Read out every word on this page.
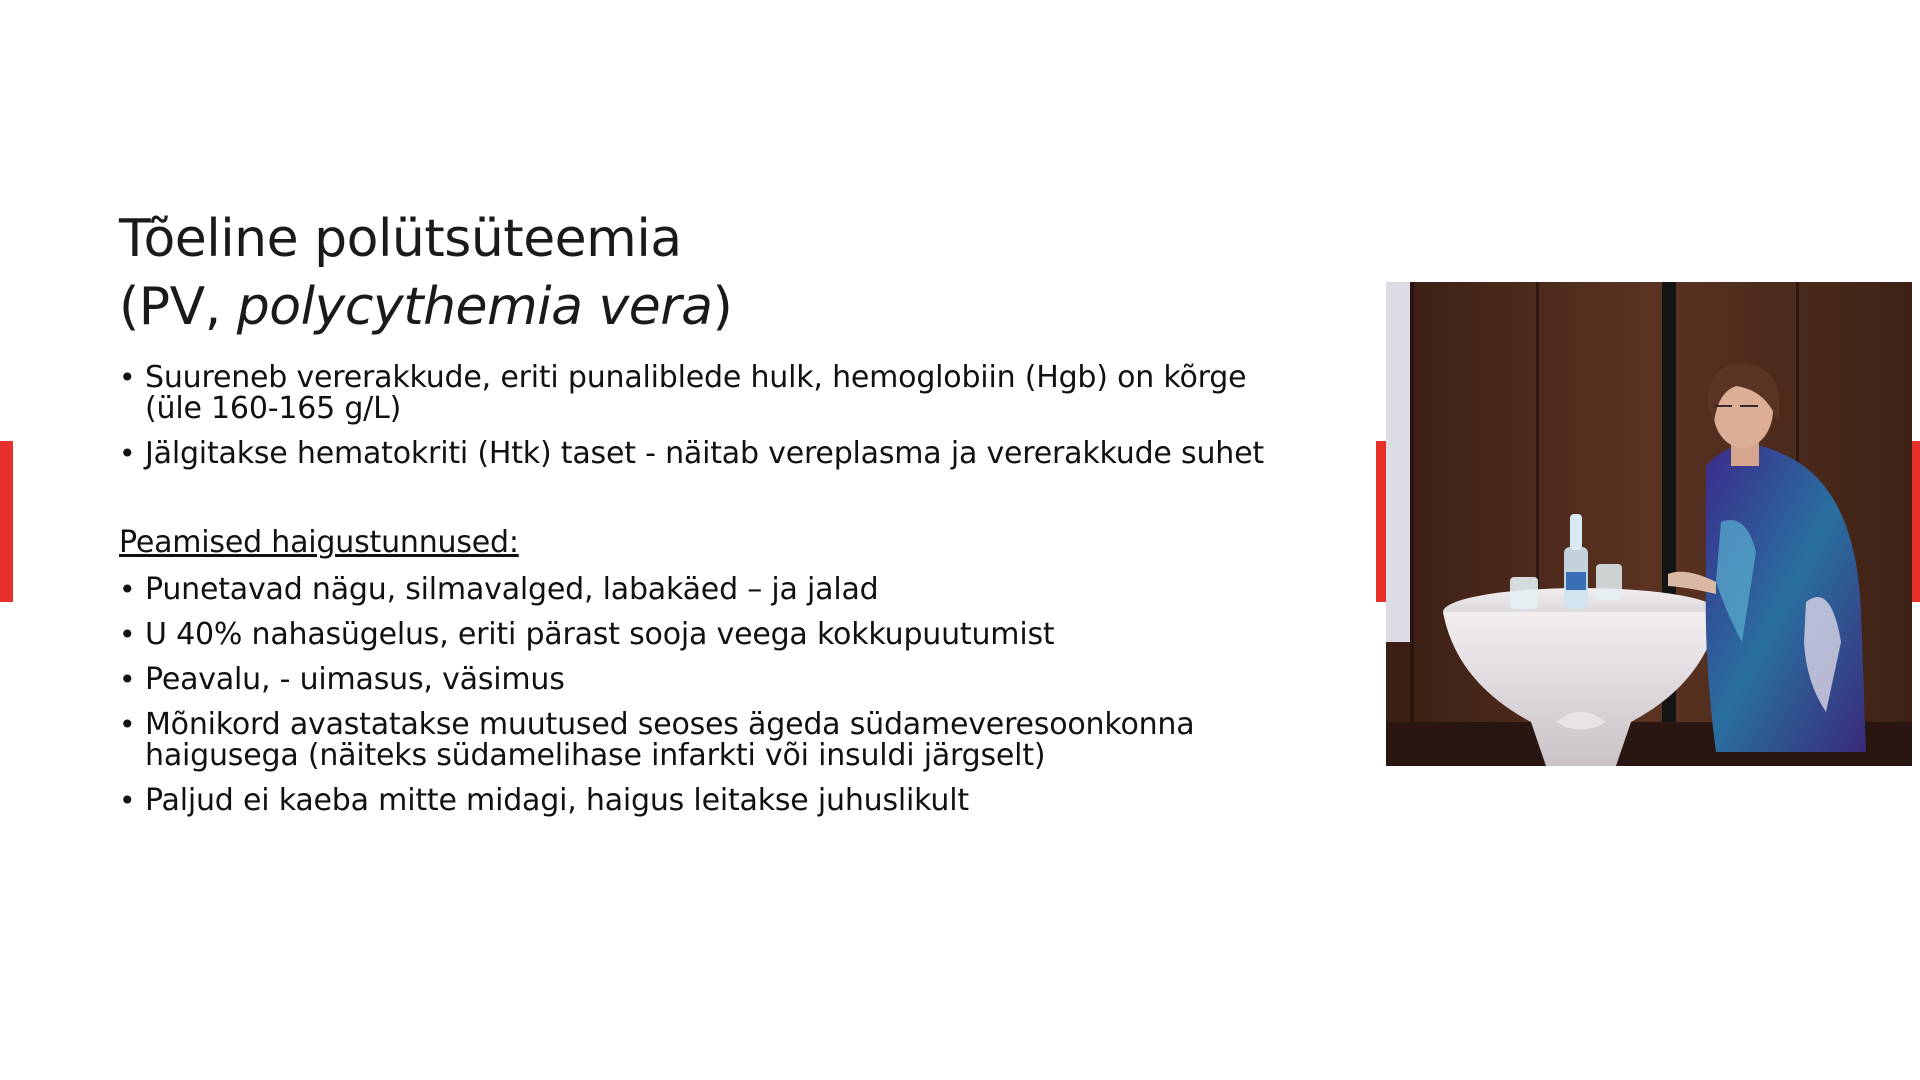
Tõeline polütsüteemia
(PV, polycythemia vera)
• Suureneb vererakkude, eriti punaliblede hulk, hemoglobiin (Hgb) on kõrge (üle 160-165 g/L)
• Jälgitakse hematokriti (Htk) taset - näitab vereplasma ja vererakkude suhet
Peamised haigustunnused:
• Punetavad nägu, silmavalged, labakäed – ja jalad
• U 40% nahasügelus, eriti pärast sooja veega kokkupuutumist
• Peavalu, - uimasus, väsimus
• Mõnikord avastatakse muutused seoses ägeda südameveresoonkonna haigusega (näiteks südamelihase infarkti või insuldi järgselt)
• Paljud ei kaeba mitte midagi, haigus leitakse juhuslikult
